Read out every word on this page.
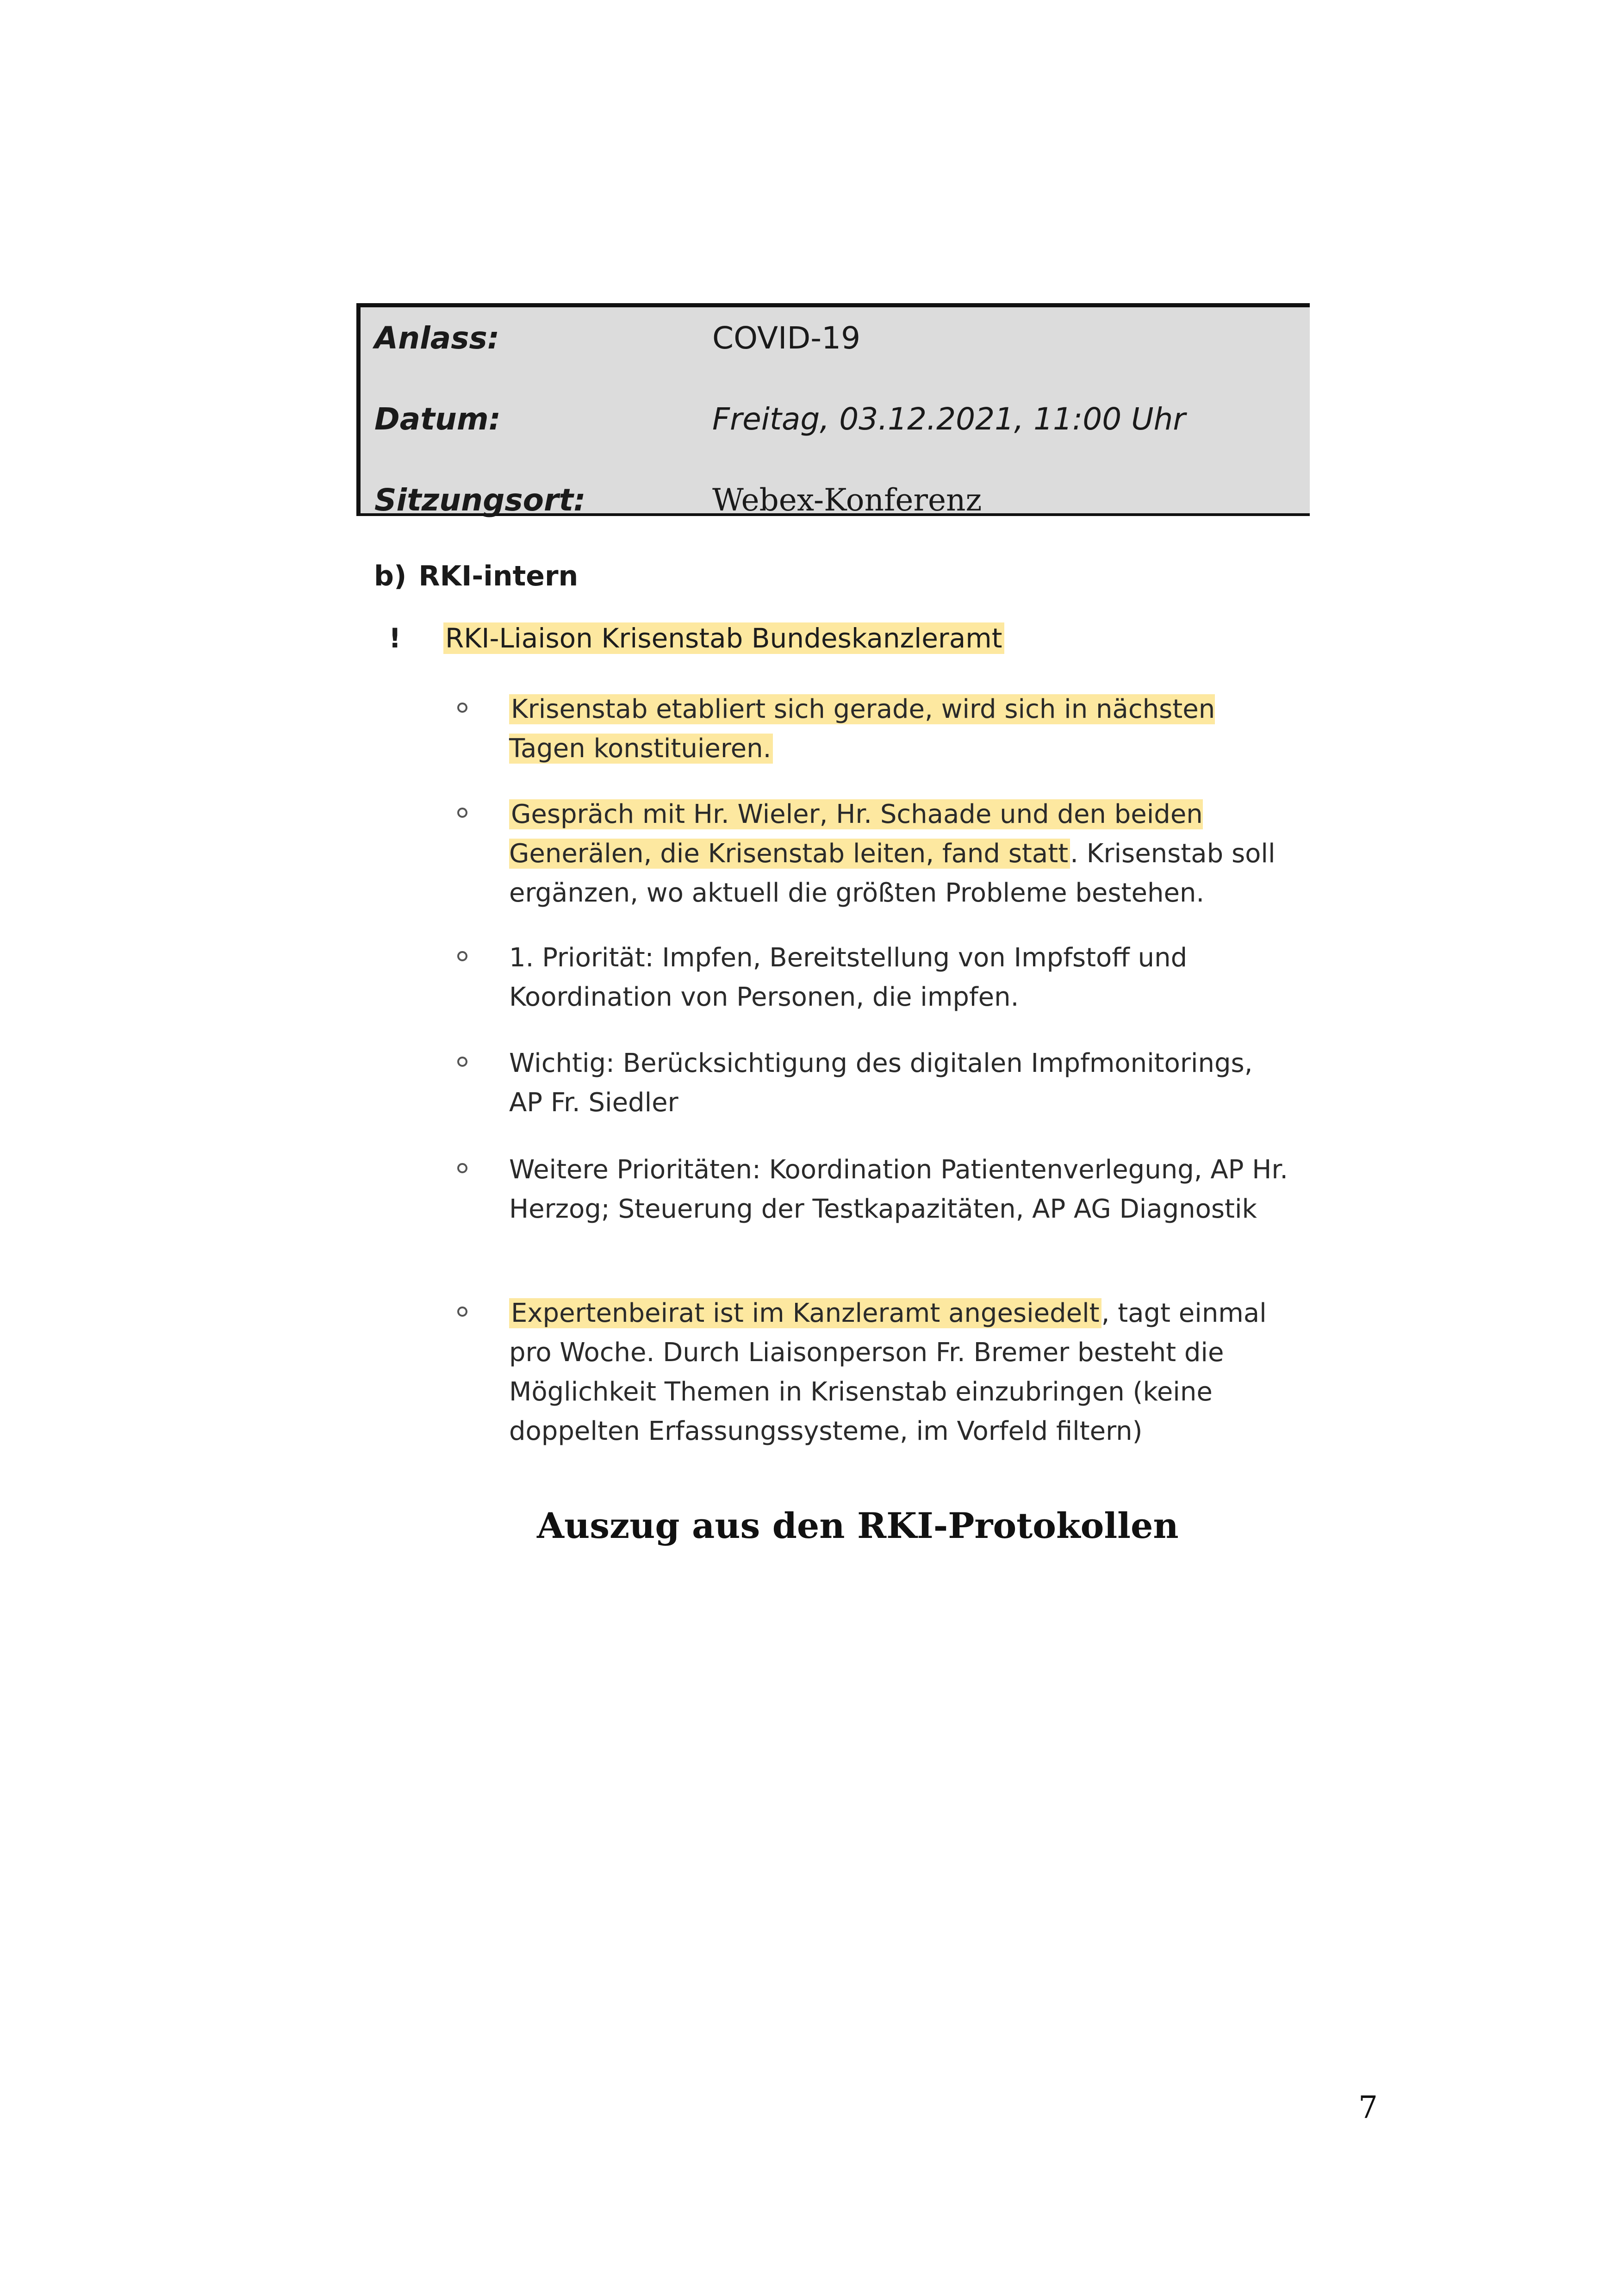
Anlass:	COVID-19
Datum:	Freitag, 03.12.2021, 11:00 Uhr
Sitzungsort:	Webex-Konferenz
b) RKI-intern
! RKI-Liaison Krisenstab Bundeskanzleramt
Krisenstab etabliert sich gerade, wird sich in nächsten Tagen konstituieren.
Gespräch mit Hr. Wieler, Hr. Schaade und den beiden Generälen, die Krisenstab leiten, fand statt. Krisenstab soll ergänzen, wo aktuell die größten Probleme bestehen.
1. Priorität: Impfen, Bereitstellung von Impfstoff und Koordination von Personen, die impfen.
Wichtig: Berücksichtigung des digitalen Impfmonitorings, AP Fr. Siedler
Weitere Prioritäten: Koordination Patientenverlegung, AP Hr. Herzog; Steuerung der Testkapazitäten, AP AG Diagnostik
Expertenbeirat ist im Kanzleramt angesiedelt, tagt einmal pro Woche. Durch Liaisonperson Fr. Bremer besteht die Möglichkeit Themen in Krisenstab einzubringen (keine doppelten Erfassungssysteme, im Vorfeld filtern)
Auszug aus den RKI-Protokollen
7
